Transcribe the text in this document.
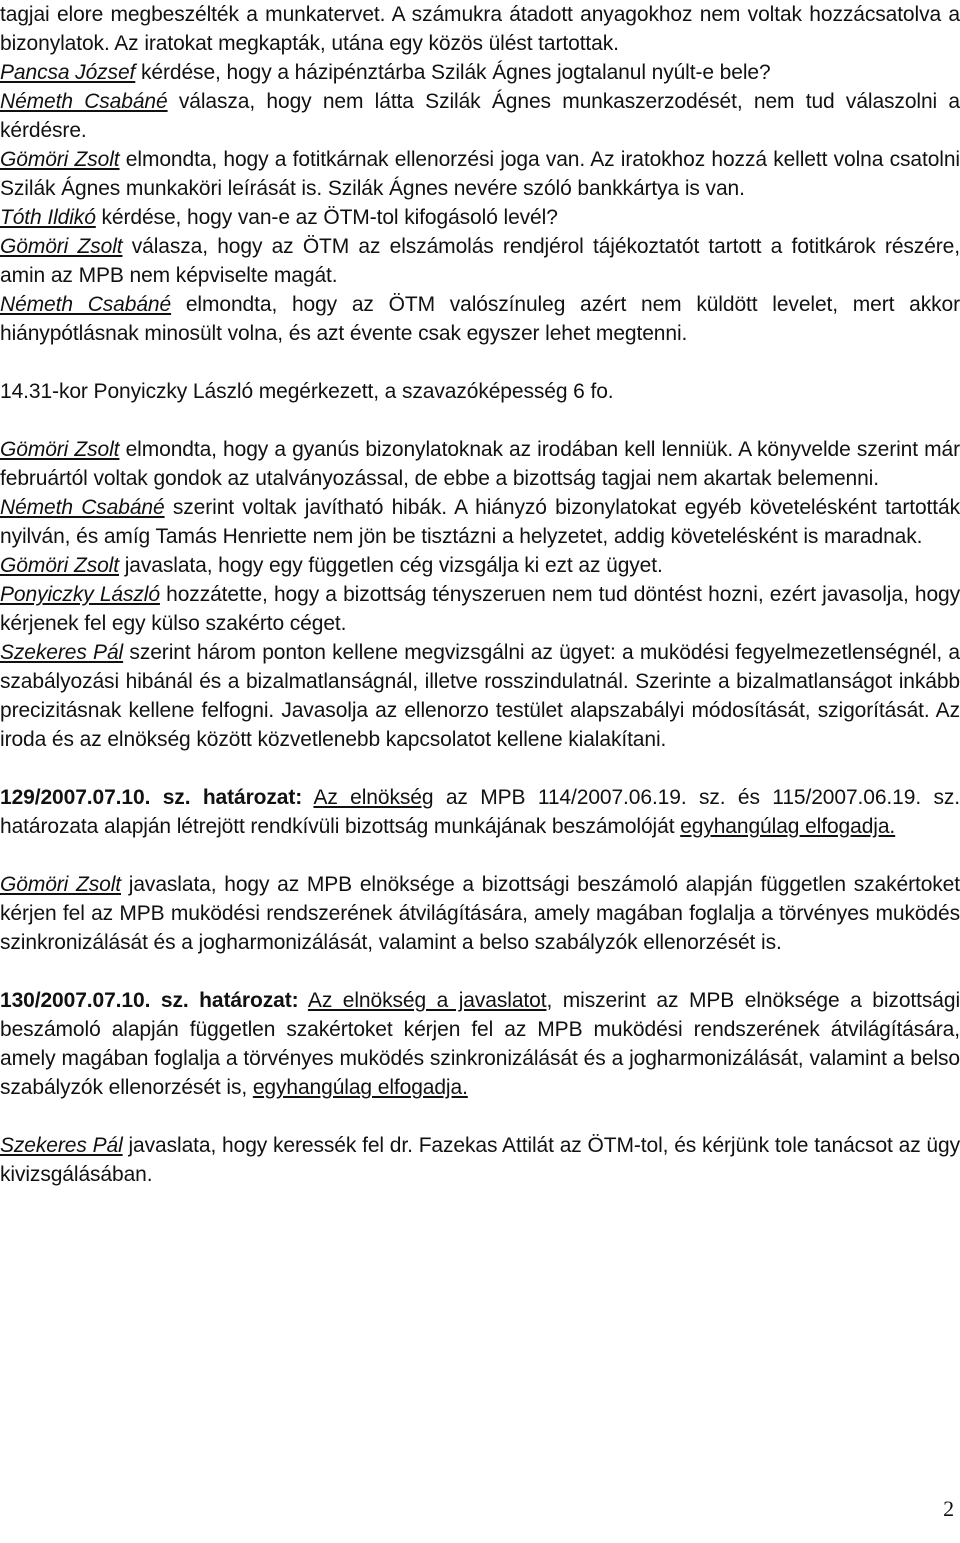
tagjai elore megbeszélték a munkatervet. A számukra átadott anyagokhoz nem voltak hozzácsatolva a bizonylatok. Az iratokat megkapták, utána egy közös ülést tartottak.

Pancsa József kérdése, hogy a házipénztárba Szilák Ágnes jogtalanul nyúlt-e bele?

Németh Csabáné válasza, hogy nem látta Szilák Ágnes munkaszerzodését, nem tud válaszolni a kérdésre.

Gömöri Zsolt elmondta, hogy a fotitkárnak ellenorzési joga van. Az iratokhoz hozzá kellett volna csatolni Szilák Ágnes munkaköri leírását is. Szilák Ágnes nevére szóló bankkártya is van.

Tóth Ildikó kérdése, hogy van-e az ÖTM-tol kifogásoló levél?

Gömöri Zsolt válasza, hogy az ÖTM az elszámolás rendjérol tájékoztatót tartott a fotitkárok részére, amin az MPB nem képviselte magát.

Németh Csabáné elmondta, hogy az ÖTM valószínuleg azért nem küldött levelet, mert akkor hiánypótlásnak minosült volna, és azt évente csak egyszer lehet megtenni.

14.31-kor Ponyiczky László megérkezett, a szavazóképesség 6 fo.

Gömöri Zsolt elmondta, hogy a gyanús bizonylatoknak az irodában kell lenniük. A könyvelde szerint már februártól voltak gondok az utalványozással, de ebbe a bizottság tagjai nem akartak belemenni.

Németh Csabáné szerint voltak javítható hibák. A hiányzó bizonylatokat egyéb követelésként tartották nyilván, és amíg Tamás Henriette nem jön be tisztázni a helyzetet, addig követelésként is maradnak.

Gömöri Zsolt javaslata, hogy egy független cég vizsgálja ki ezt az ügyet.

Ponyiczky László hozzátette, hogy a bizottság tényszeruen nem tud döntést hozni, ezért javasolja, hogy kérjenek fel egy külso szakérto céget.

Szekeres Pál szerint három ponton kellene megvizsgálni az ügyet: a muködési fegyelmezetlenségnél, a szabályozási hibánál és a bizalmatlanságnál, illetve rosszindulatnál. Szerinte a bizalmatlanságot inkább precizitásnak kellene felfogni. Javasolja az ellenorzo testület alapszabályi módosítását, szigorítását. Az iroda és az elnökség között közvetlenebb kapcsolatot kellene kialakítani.

129/2007.07.10. sz. határozat: Az elnökség az MPB 114/2007.06.19. sz. és 115/2007.06.19. sz. határozata alapján létrejött rendkívüli bizottság munkájának beszámolóját egyhangúlag elfogadja.

Gömöri Zsolt javaslata, hogy az MPB elnöksége a bizottsági beszámoló alapján független szakértoket kérjen fel az MPB muködési rendszerének átvilágítására, amely magában foglalja a törvényes muködés szinkronizálását és a jogharmonizálását, valamint a belso szabályzók ellenorzését is.

130/2007.07.10. sz. határozat: Az elnökség a javaslatot, miszerint az MPB elnöksége a bizottsági beszámoló alapján független szakértoket kérjen fel az MPB muködési rendszerének átvilágítására, amely magában foglalja a törvényes muködés szinkronizálását és a jogharmonizálását, valamint a belso szabályzók ellenorzését is, egyhangúlag elfogadja.

Szekeres Pál javaslata, hogy keressék fel dr. Fazekas Attilát az ÖTM-tol, és kérjünk tole tanácsot az ügy kivizsgálásában.

2
